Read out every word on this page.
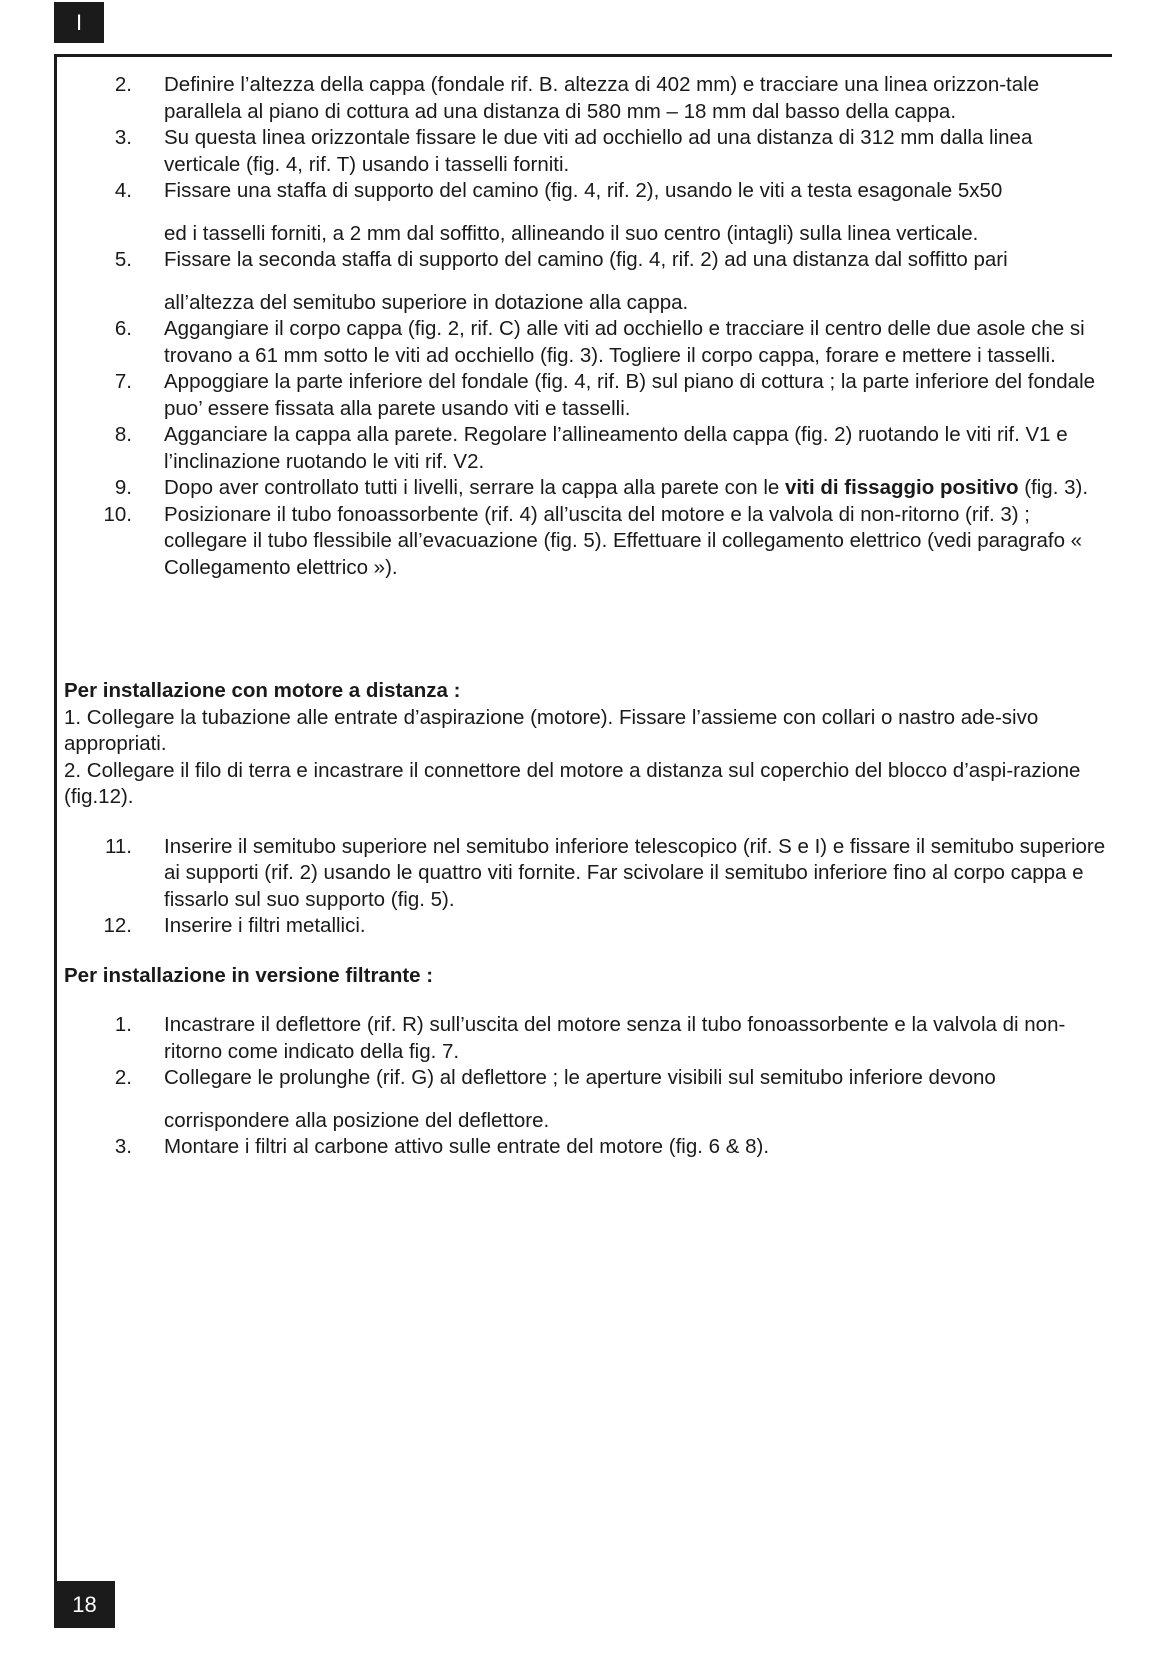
I
2. Definire l’altezza della cappa (fondale rif. B. altezza di 402 mm) e tracciare una linea orizzon-tale parallela al piano di cottura ad una distanza di 580 mm – 18 mm dal basso della cappa.
3. Su questa linea orizzontale fissare le due viti ad occhiello ad una distanza di 312 mm dalla linea verticale (fig. 4, rif. T) usando i tasselli forniti.
4. Fissare una staffa di supporto del camino (fig. 4, rif. 2), usando le viti a testa esagonale 5x50
ed i tasselli forniti, a 2 mm dal soffitto, allineando il suo centro (intagli) sulla linea verticale.
5. Fissare la seconda staffa di supporto del camino (fig. 4, rif. 2) ad una distanza dal soffitto pari
all’altezza del semitubo superiore in dotazione alla cappa.
6. Aggangiare il corpo cappa (fig. 2, rif. C) alle viti ad occhiello e tracciare il centro delle due asole che si trovano a 61 mm sotto le viti ad occhiello (fig. 3). Togliere il corpo cappa, forare e mettere i tasselli.
7. Appoggiare la parte inferiore del fondale (fig. 4, rif. B) sul piano di cottura ; la parte inferiore del fondale puo’ essere fissata alla parete usando viti e tasselli.
8. Agganciare la cappa alla parete. Regolare l’allineamento della cappa (fig. 2) ruotando le viti rif. V1 e l’inclinazione ruotando le viti rif. V2.
9. Dopo aver controllato tutti i livelli, serrare la cappa alla parete con le viti di fissaggio positivo (fig. 3).
10. Posizionare il tubo fonoassorbente (rif. 4) all’uscita del motore e la valvola di non-ritorno (rif. 3) ; collegare il tubo flessibile all’evacuazione (fig. 5). Effettuare il collegamento elettrico (vedi paragrafo « Collegamento elettrico »).
Per installazione con motore a distanza :
1. Collegare la tubazione alle entrate d’aspirazione (motore). Fissare l’assieme con collari o nastro ade-sivo appropriati.
2. Collegare il filo di terra e incastrare il connettore del motore a distanza sul coperchio del blocco d’aspi-razione (fig.12).
11. Inserire il semitubo superiore nel semitubo inferiore telescopico (rif. S e I) e fissare il semitubo superiore ai supporti (rif. 2) usando le quattro viti fornite. Far scivolare il semitubo inferiore fino al corpo cappa e fissarlo sul suo supporto (fig. 5).
12. Inserire i filtri metallici.
Per installazione in versione filtrante :
1. Incastrare il deflettore (rif. R) sull’uscita del motore senza il tubo fonoassorbente e la valvola di non-ritorno come indicato della fig. 7.
2. Collegare le prolunghe (rif. G) al deflettore ; le aperture visibili sul semitubo inferiore devono
corrispondere alla posizione del deflettore.
3. Montare i filtri al carbone attivo sulle entrate del motore (fig. 6 & 8).
18
